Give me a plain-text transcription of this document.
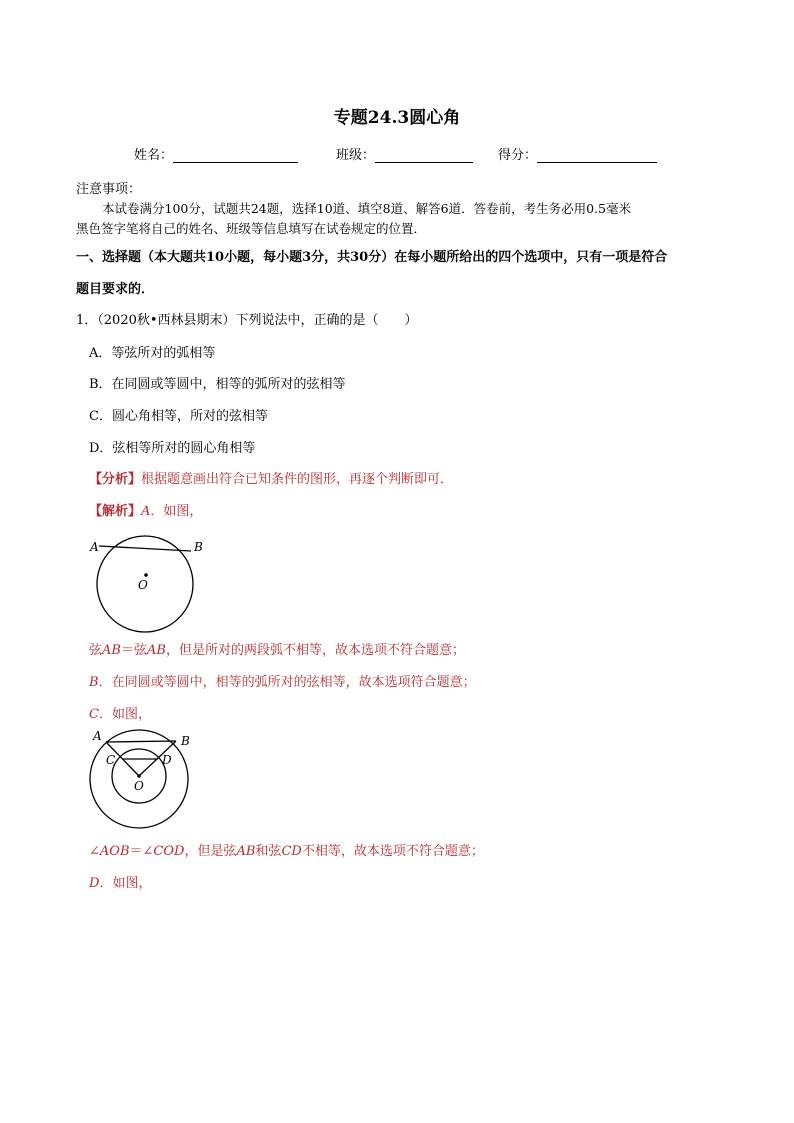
专题24.3圆心角
姓名：	班级：	得分：
注意事项：
本试卷满分100分，试题共24题，选择10道、填空8道、解答6道．答卷前，考生务必用0.5毫米
黑色签字笔将自己的姓名、班级等信息填写在试卷规定的位置．
一、选择题（本大题共10小题，每小题3分，共30分）在每小题所给出的四个选项中，只有一项是符合
题目要求的．
1．（2020秋•西林县期末）下列说法中，正确的是（　　）
A．等弦所对的弧相等
B．在同圆或等圆中，相等的弧所对的弦相等
C．圆心角相等，所对的弦相等
D．弦相等所对的圆心角相等
【分析】根据题意画出符合已知条件的图形，再逐个判断即可．
【解析】A．如图，
A	B
O
弦AB＝弦AB，但是所对的两段弧不相等，故本选项不符合题意；
B．在同圆或等圆中，相等的弧所对的弦相等，故本选项符合题意；
C．如图，
A	B
C	D
O
∠AOB＝∠COD，但是弦AB和弦CD不相等，故本选项不符合题意；
D．如图，
